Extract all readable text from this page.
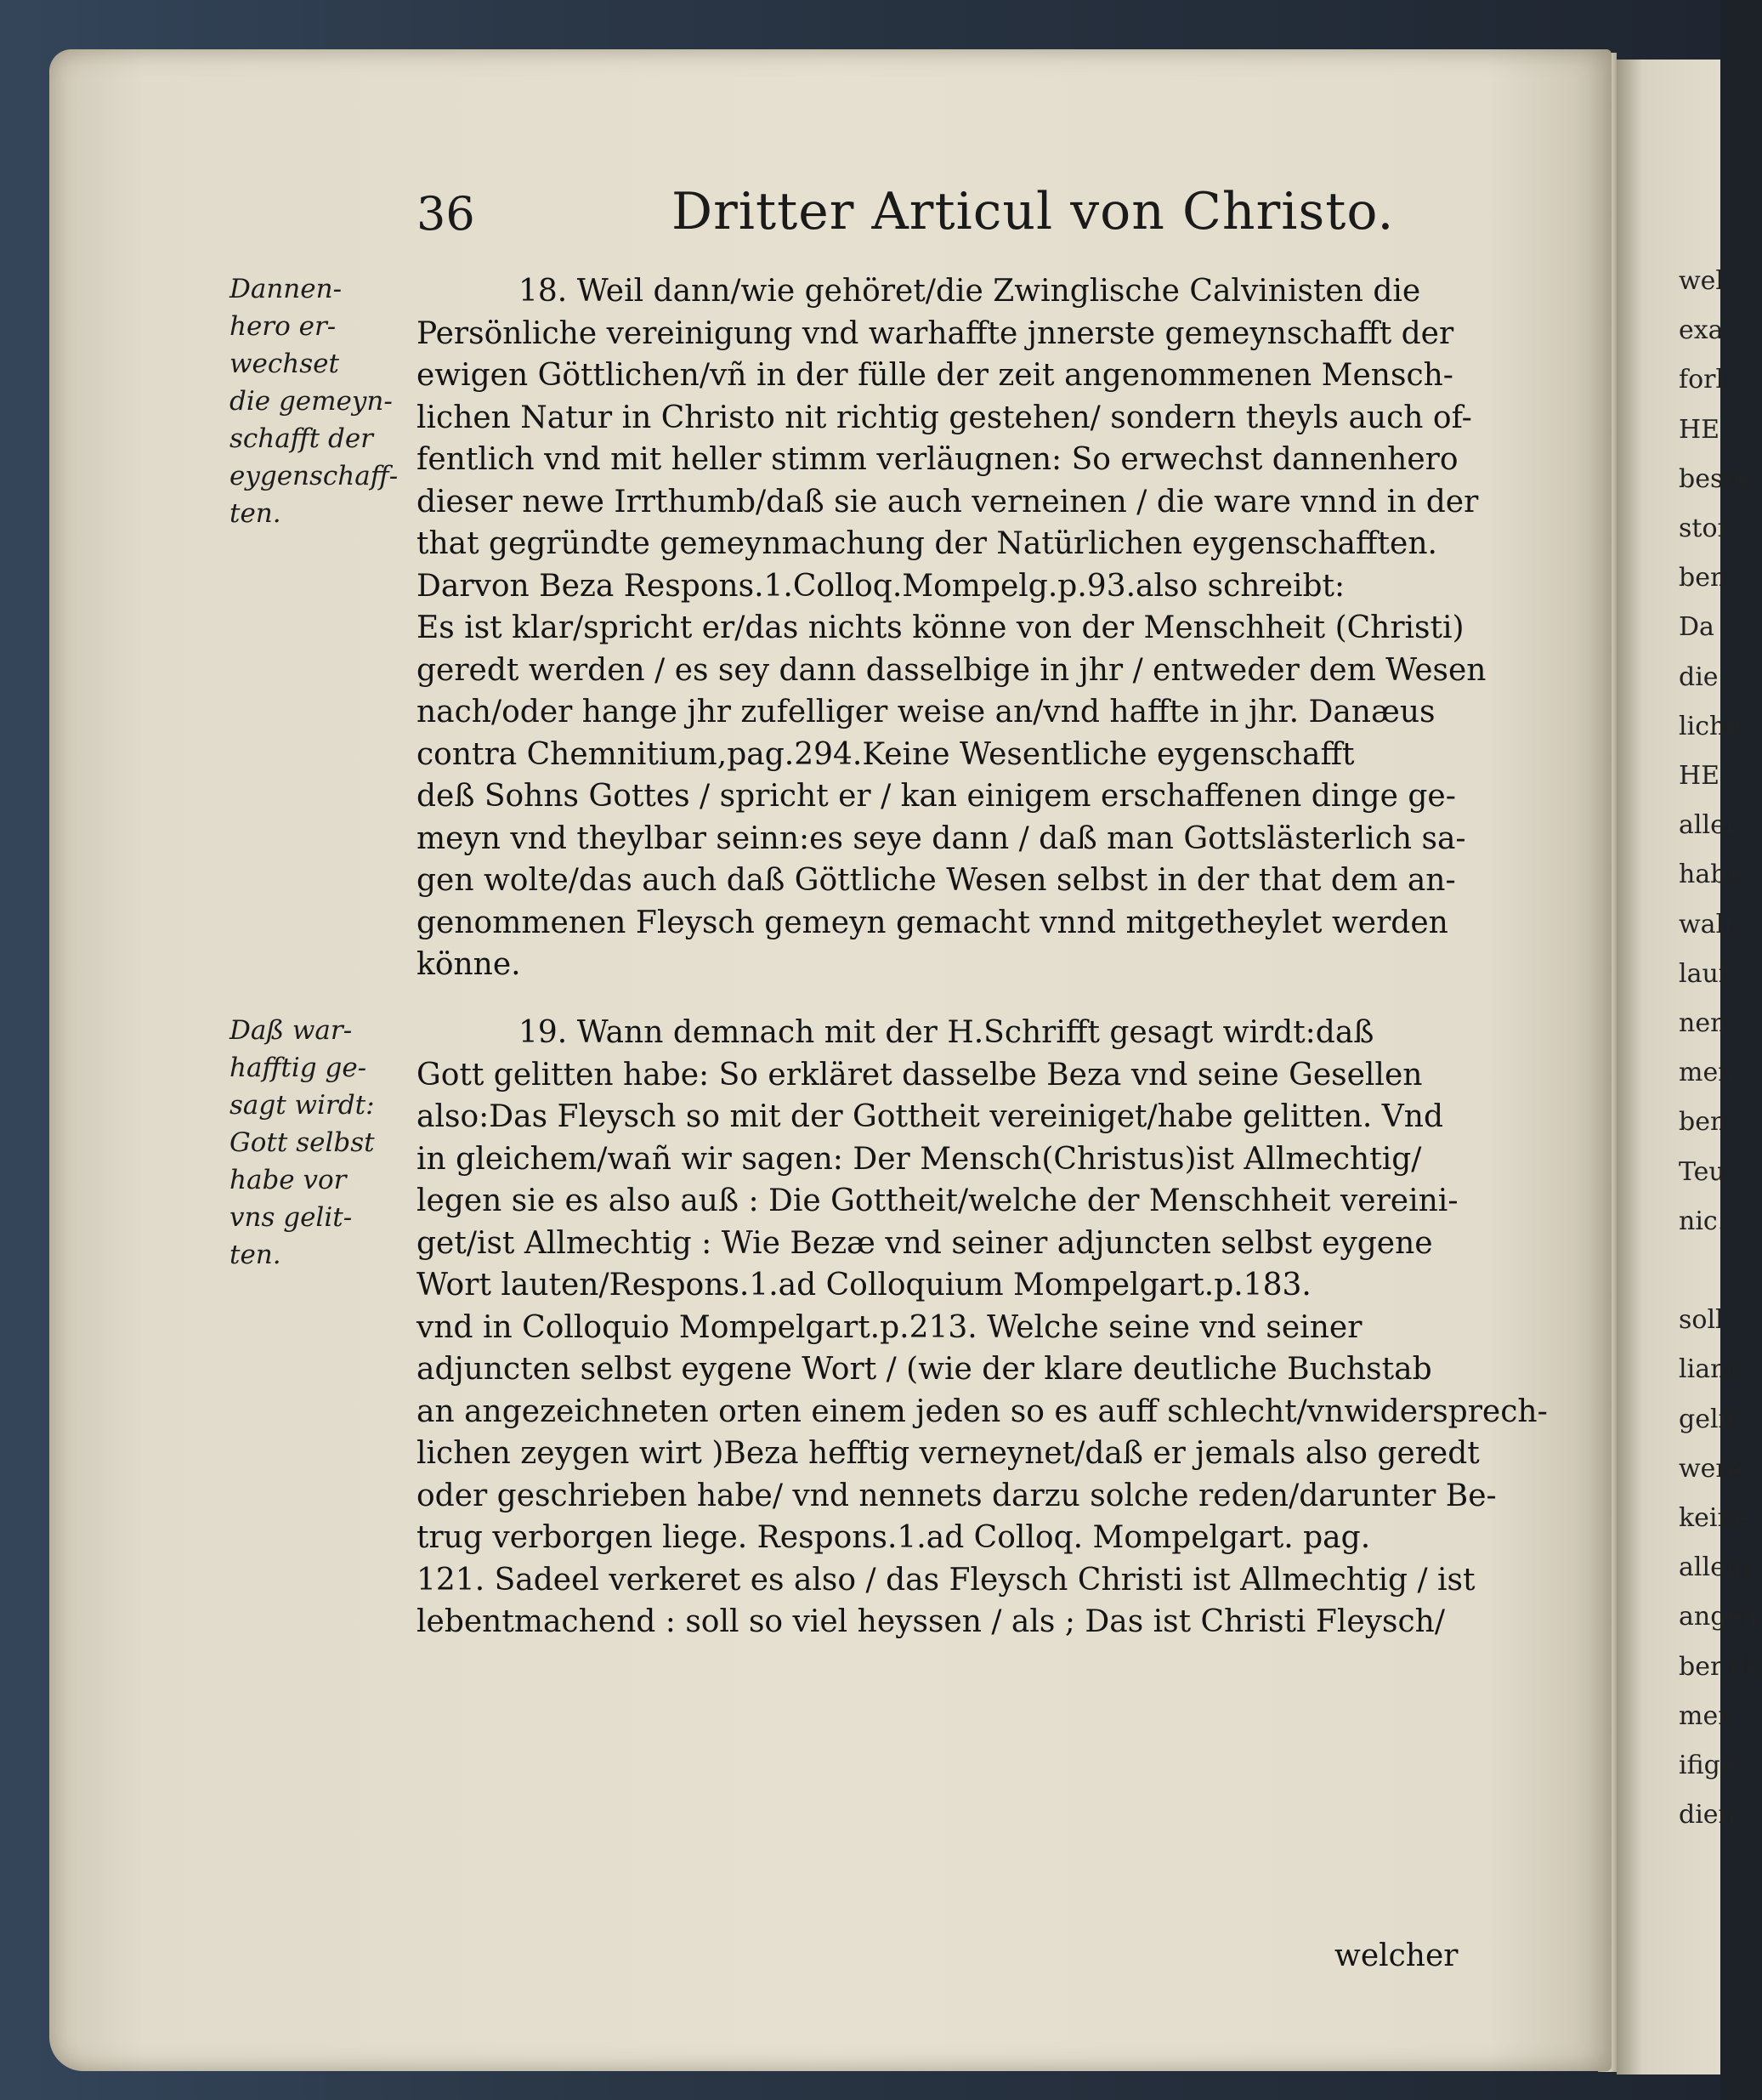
36	Dritter Articul von Christo.
Dannen-
hero er-
wechset
die gemeyn-
schafft der
eygenschaff-
ten.
Daß war-
hafftig ge-
sagt wirdt:
Gott selbst
habe vor
vns gelit-
ten.
18. Weil dann/wie gehöret/die Zwinglische Calvinisten die
Persönliche vereinigung vnd warhaffte jnnerste gemeynschafft der
ewigen Göttlichen/vñ in der fülle der zeit angenommenen Mensch-
lichen Natur in Christo nit richtig gestehen/ sondern theyls auch of-
fentlich vnd mit heller stimm verläugnen: So erwechst dannenhero
dieser newe Irrthumb/daß sie auch verneinen / die ware vnnd in der
that gegründte gemeynmachung der Natürlichen eygenschafften.
Darvon Beza Respons.1.Colloq.Mompelg.p.93.also schreibt:
Es ist klar/spricht er/das nichts könne von der Menschheit (Christi)
geredt werden / es sey dann dasselbige in jhr / entweder dem Wesen
nach/oder hange jhr zufelliger weise an/vnd haffte in jhr. Danæus
contra Chemnitium,pag.294.Keine Wesentliche eygenschafft
deß Sohns Gottes / spricht er / kan einigem erschaffenen dinge ge-
meyn vnd theylbar seinn:es seye dann / daß man Gottslästerlich sa-
gen wolte/das auch daß Göttliche Wesen selbst in der that dem an-
genommenen Fleysch gemeyn gemacht vnnd mitgetheylet werden
könne.
19. Wann demnach mit der H.Schrifft gesagt wirdt:daß
Gott gelitten habe: So erkläret dasselbe Beza vnd seine Gesellen
also:Das Fleysch so mit der Gottheit vereiniget/habe gelitten. Vnd
in gleichem/wañ wir sagen: Der Mensch(Christus)ist Allmechtig/
legen sie es also auß : Die Gottheit/welche der Menschheit vereini-
get/ist Allmechtig : Wie Bezæ vnd seiner adjuncten selbst eygene
Wort lauten/Respons.1.ad Colloquium Mompelgart.p.183.
vnd in Colloquio Mompelgart.p.213. Welche seine vnd seiner
adjuncten selbst eygene Wort / (wie der klare deutliche Buchstab
an angezeichneten orten einem jeden so es auff schlecht/vnwidersprech-
lichen zeygen wirt )Beza hefftig verneynet/daß er jemals also geredt
oder geschrieben habe/ vnd nennets darzu solche reden/darunter Be-
trug verborgen liege. Respons.1.ad Colloq. Mompelgart. pag.
121. Sadeel verkeret es also / das Fleysch Christi ist Allmechtig / ist
lebentmachend : soll so viel heyssen / als ; Das ist Christi Fleysch/
welcher
wel
exa
forl
HE
beste
stor
ben
Da
die
liche
HE
allei
habe
walt
lauf
nen
men
ben
Teu
nic.

soll
lianc
gelit
were
keine
allein
angen
ber de
men
ifige
dien
